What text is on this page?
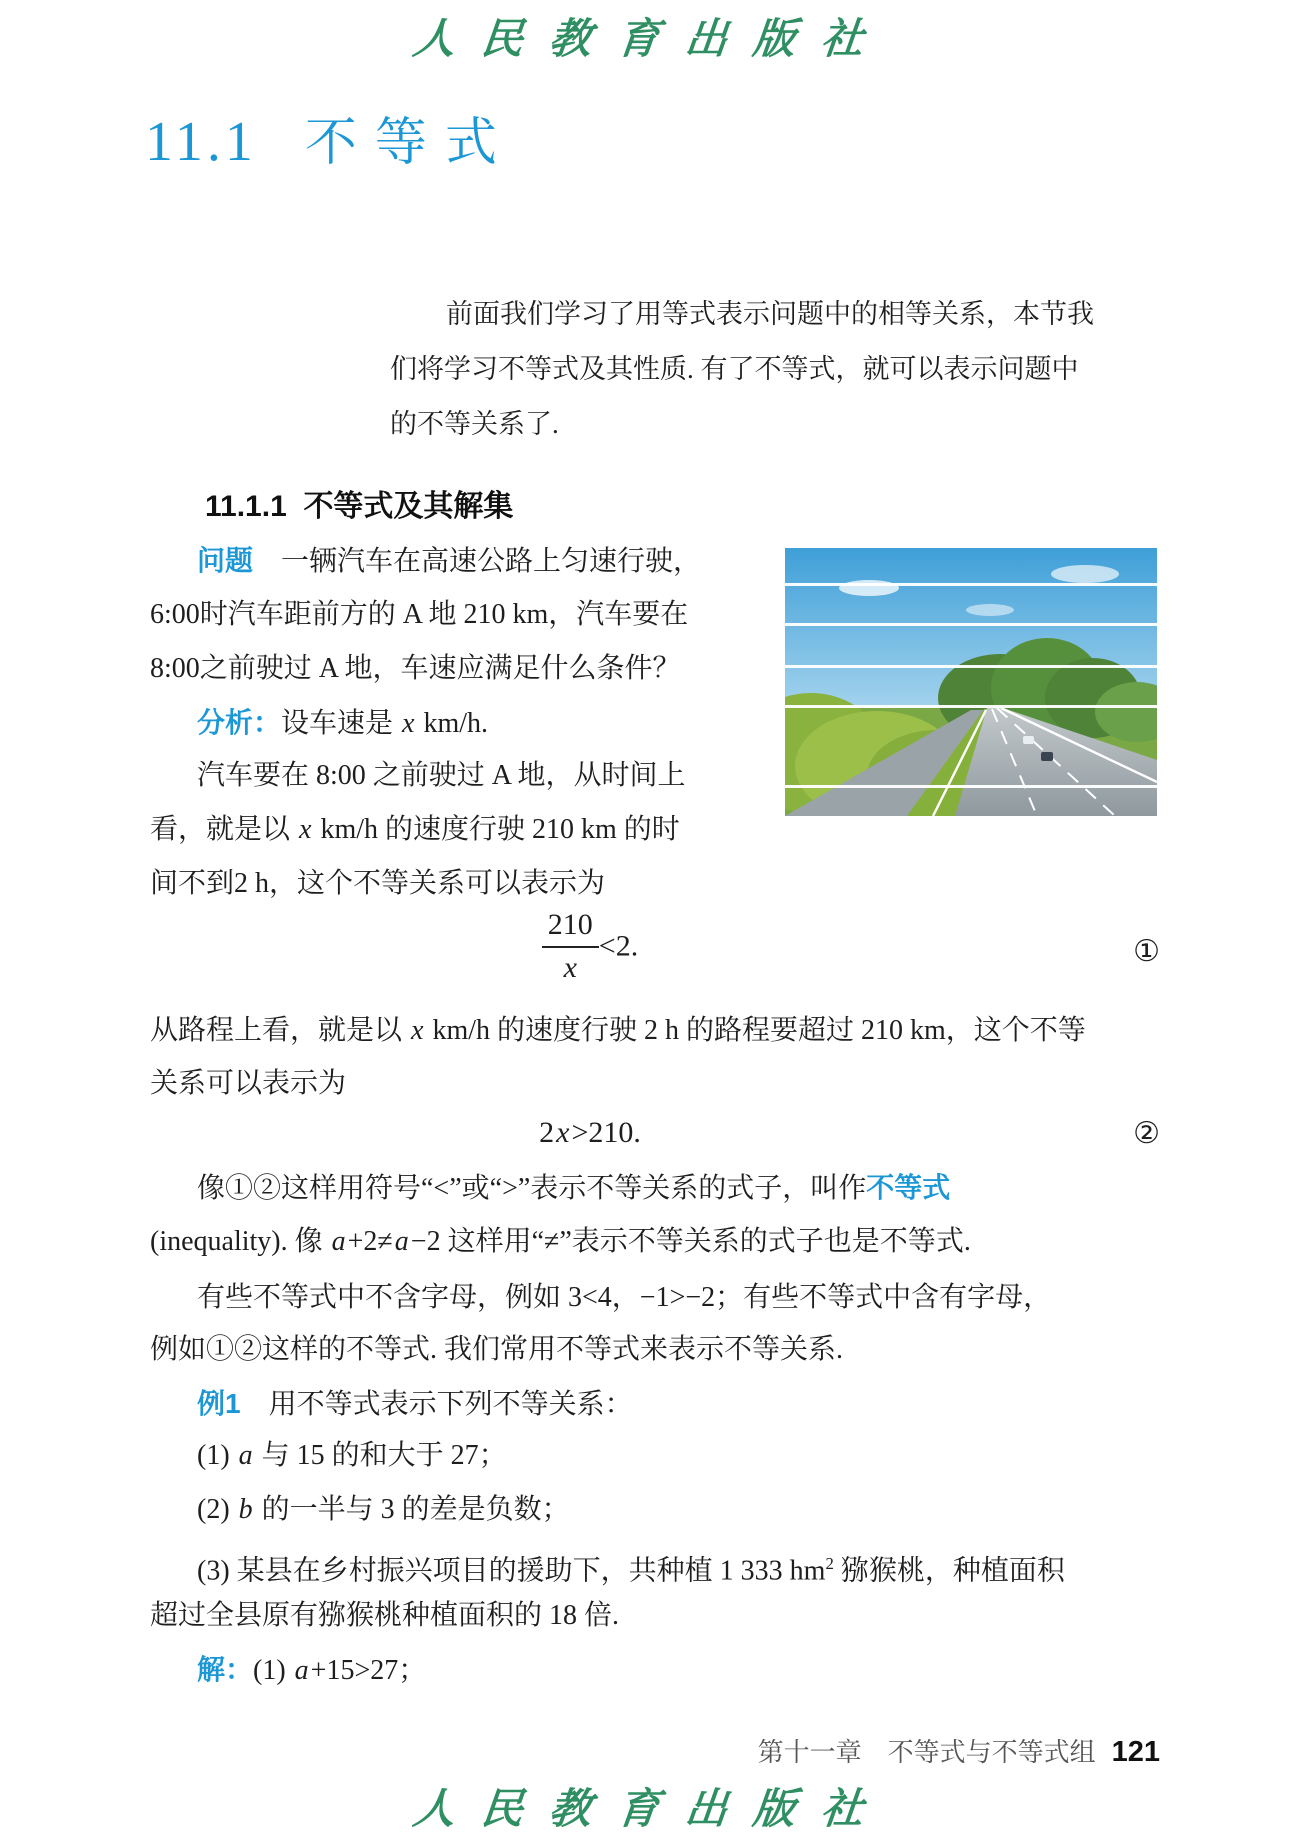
人民教育出版社
11.1 不等式
前面我们学习了用等式表示问题中的相等关系，本节我
们将学习不等式及其性质. 有了不等式，就可以表示问题中
的不等关系了.
11.1.1 不等式及其解集
问题　一辆汽车在高速公路上匀速行驶，
6:00时汽车距前方的 A 地 210 km，汽车要在
8:00之前驶过 A 地，车速应满足什么条件？
分析：设车速是 x km/h.
汽车要在 8:00 之前驶过 A 地，从时间上
看，就是以 x km/h 的速度行驶 210 km 的时
间不到2 h，这个不等关系可以表示为
$\frac{210}{x} <2$.	①
从路程上看，就是以 x km/h 的速度行驶 2 h 的路程要超过 210 km，这个不等
关系可以表示为
2x>210.	②
像①②这样用符号“<”或“>”表示不等关系的式子，叫作不等式
(inequality). 像 a+2≠a−2 这样用“≠”表示不等关系的式子也是不等式.
有些不等式中不含字母，例如 3<4，−1>−2；有些不等式中含有字母，
例如①②这样的不等式. 我们常用不等式来表示不等关系.
例1　用不等式表示下列不等关系：
(1) a 与 15 的和大于 27；
(2) b 的一半与 3 的差是负数；
(3) 某县在乡村振兴项目的援助下，共种植 1 333 $hm^2$ 猕猴桃，种植面积
超过全县原有猕猴桃种植面积的 18 倍.
解：(1) a+15>27；
第十一章　不等式与不等式组 121
人民教育出版社
